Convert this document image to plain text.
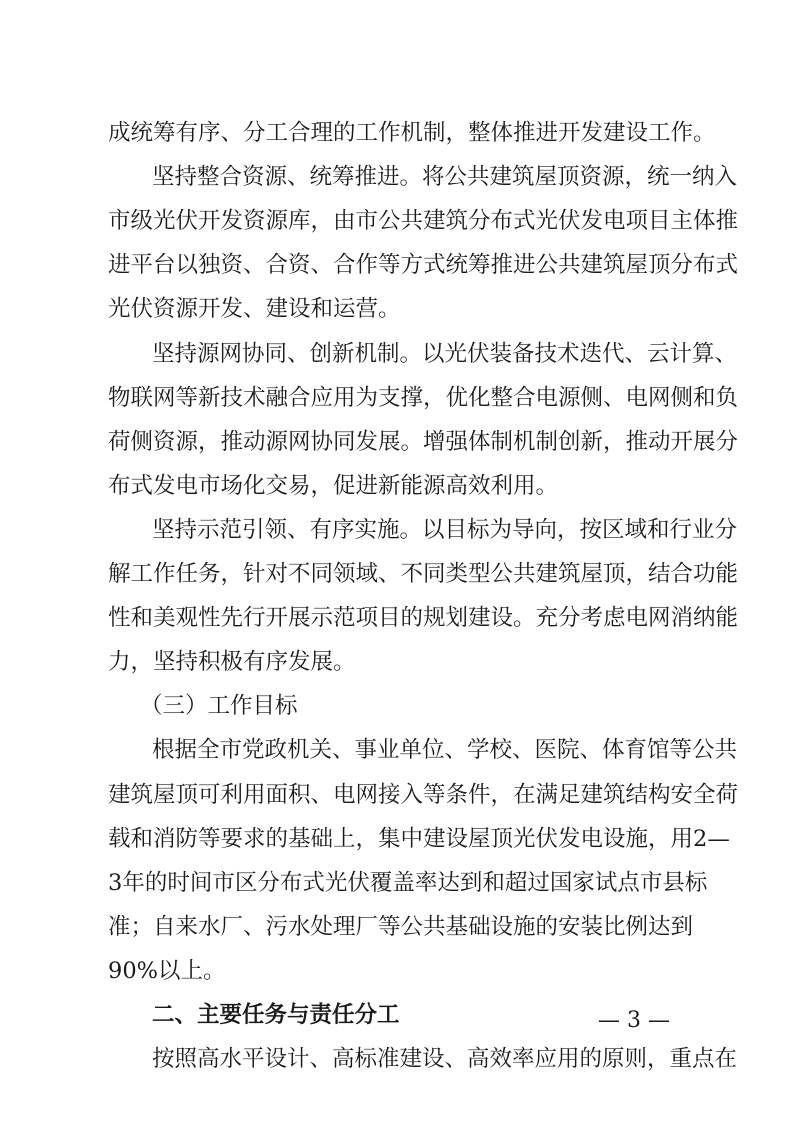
成统筹有序、分工合理的工作机制，整体推进开发建设工作。
坚持整合资源、统筹推进。将公共建筑屋顶资源，统一纳入
市级光伏开发资源库，由市公共建筑分布式光伏发电项目主体推
进平台以独资、合资、合作等方式统筹推进公共建筑屋顶分布式
光伏资源开发、建设和运营。
坚持源网协同、创新机制。以光伏装备技术迭代、云计算、
物联网等新技术融合应用为支撑，优化整合电源侧、电网侧和负
荷侧资源，推动源网协同发展。增强体制机制创新，推动开展分
布式发电市场化交易，促进新能源高效利用。
坚持示范引领、有序实施。以目标为导向，按区域和行业分
解工作任务，针对不同领域、不同类型公共建筑屋顶，结合功能
性和美观性先行开展示范项目的规划建设。充分考虑电网消纳能
力，坚持积极有序发展。
（三）工作目标
根据全市党政机关、事业单位、学校、医院、体育馆等公共
建筑屋顶可利用面积、电网接入等条件，在满足建筑结构安全荷
载和消防等要求的基础上，集中建设屋顶光伏发电设施，用2—
3年的时间市区分布式光伏覆盖率达到和超过国家试点市县标
准；自来水厂、污水处理厂等公共基础设施的安装比例达到
90%以上。
二、主要任务与责任分工
按照高水平设计、高标准建设、高效率应用的原则，重点在
— 3 —
